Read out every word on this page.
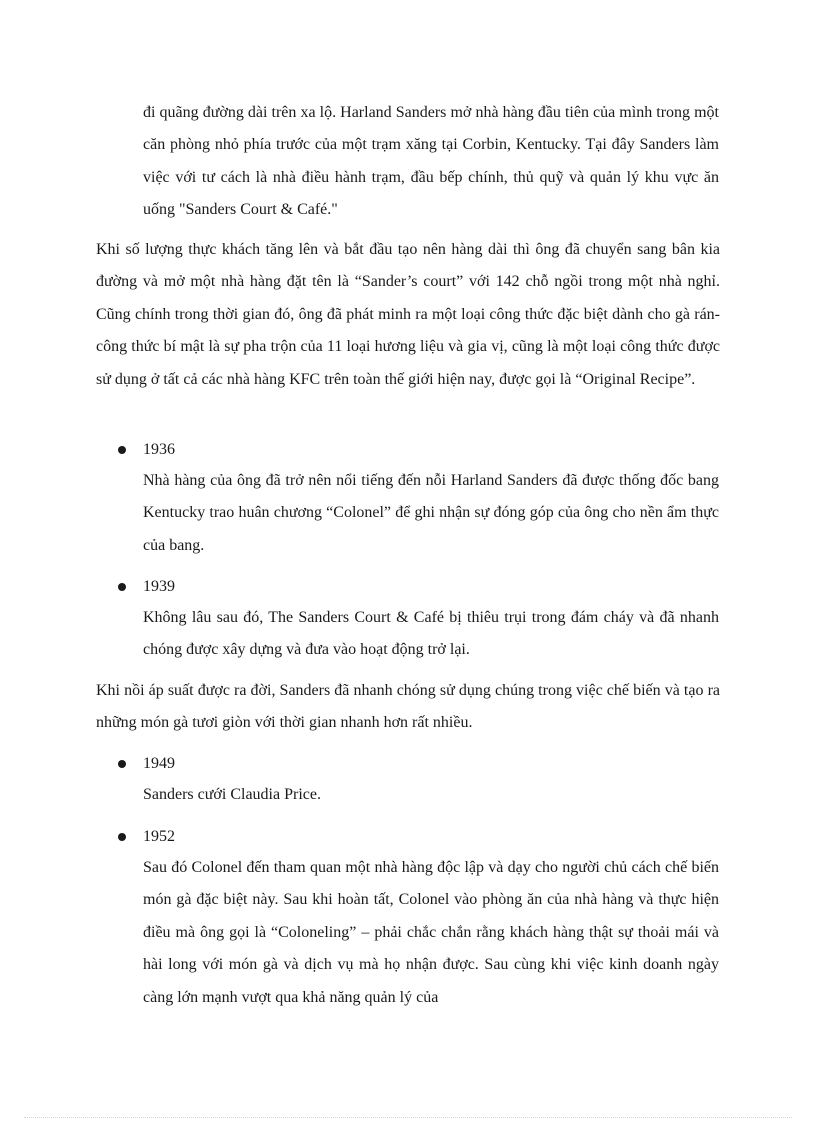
đi quãng đường dài trên xa lộ. Harland Sanders mở nhà hàng đầu tiên của mình trong một căn phòng nhỏ phía trước của một trạm xăng tại Corbin, Kentucky. Tại đây Sanders làm việc với tư cách là nhà điều hành trạm, đầu bếp chính, thủ quỹ và quản lý khu vực ăn uống "Sanders Court & Café."

Khi số lượng thực khách tăng lên và bắt đầu tạo nên hàng dài thì ông đã chuyển sang bân kia đường và mở một nhà hàng đặt tên là “Sander’s court” với 142 chỗ ngồi trong một nhà nghỉ. Cũng chính trong thời gian đó, ông đã phát minh ra một loại công thức đặc biệt dành cho gà rán- công thức bí mật là sự pha trộn của 11 loại hương liệu và gia vị, cũng là một loại công thức được sử dụng ở tất cả các nhà hàng KFC trên toàn thế giới hiện nay, được gọi là “Original Recipe”.

1936

Nhà hàng của ông đã trở nên nổi tiếng đến nỗi Harland Sanders đã được thống đốc bang Kentucky trao huân chương “Colonel” để ghi nhận sự đóng góp của ông cho nền ẩm thực của bang.

1939

Không lâu sau đó, The Sanders Court & Café bị thiêu trụi trong đám cháy và đã nhanh chóng được xây dựng và đưa vào hoạt động trở lại.

Khi nồi áp suất được ra đời, Sanders đã nhanh chóng sử dụng chúng trong việc chế biến và tạo ra những món gà tươi giòn với thời gian nhanh hơn rất nhiều.

1949

Sanders cưới Claudia Price.

1952

Sau đó Colonel đến tham quan một nhà hàng độc lập và dạy cho người chủ cách chế biến món gà đặc biệt này. Sau khi hoàn tất, Colonel vào phòng ăn của nhà hàng và thực hiện điều mà ông gọi là “Coloneling” – phải chắc chắn rằng khách hàng thật sự thoải mái và hài long với món gà và dịch vụ mà họ nhận được. Sau cùng khi việc kinh doanh ngày càng lớn mạnh vượt qua khả năng quản lý của
